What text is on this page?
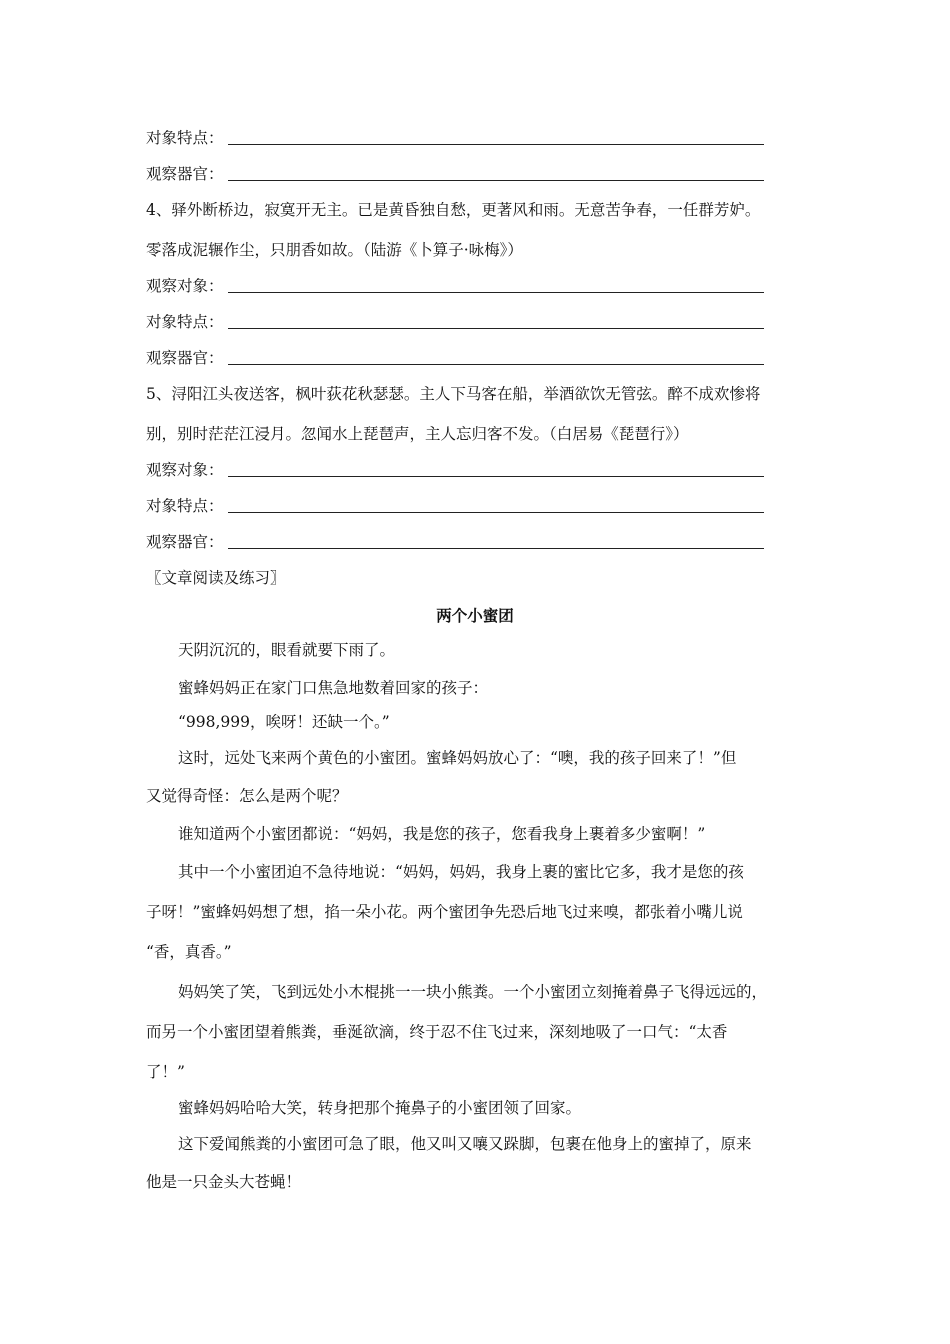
对象特点：
观察器官：
4、驿外断桥边，寂寞开无主。已是黄昏独自愁，更著风和雨。无意苦争春，一任群芳妒。
零落成泥辗作尘，只朋香如故。（陆游《卜算子·咏梅》）
观察对象：
对象特点：
观察器官：
5、浔阳江头夜送客，枫叶荻花秋瑟瑟。主人下马客在船，举酒欲饮无管弦。醉不成欢惨将
别，别时茫茫江浸月。忽闻水上琵琶声，主人忘归客不发。（白居易《琵琶行》）
观察对象：
对象特点：
观察器官：
〖文章阅读及练习〗
两个小蜜团
天阴沉沉的，眼看就要下雨了。
蜜蜂妈妈正在家门口焦急地数着回家的孩子：
“998,999，唉呀！还缺一个。”
这时，远处飞来两个黄色的小蜜团。蜜蜂妈妈放心了：“噢，我的孩子回来了！”但
又觉得奇怪：怎么是两个呢？
谁知道两个小蜜团都说：“妈妈，我是您的孩子，您看我身上裹着多少蜜啊！”
其中一个小蜜团迫不急待地说：“妈妈，妈妈，我身上裹的蜜比它多，我才是您的孩
子呀！”蜜蜂妈妈想了想，掐一朵小花。两个蜜团争先恐后地飞过来嗅，都张着小嘴儿说
“香，真香。”
妈妈笑了笑，飞到远处小木棍挑一一块小熊粪。一个小蜜团立刻掩着鼻子飞得远远的，
而另一个小蜜团望着熊粪，垂涎欲滴，终于忍不住飞过来，深刻地吸了一口气：“太香
了！”
蜜蜂妈妈哈哈大笑，转身把那个掩鼻子的小蜜团领了回家。
这下爱闻熊粪的小蜜团可急了眼，他又叫又嚷又跺脚，包裹在他身上的蜜掉了，原来
他是一只金头大苍蝇！
